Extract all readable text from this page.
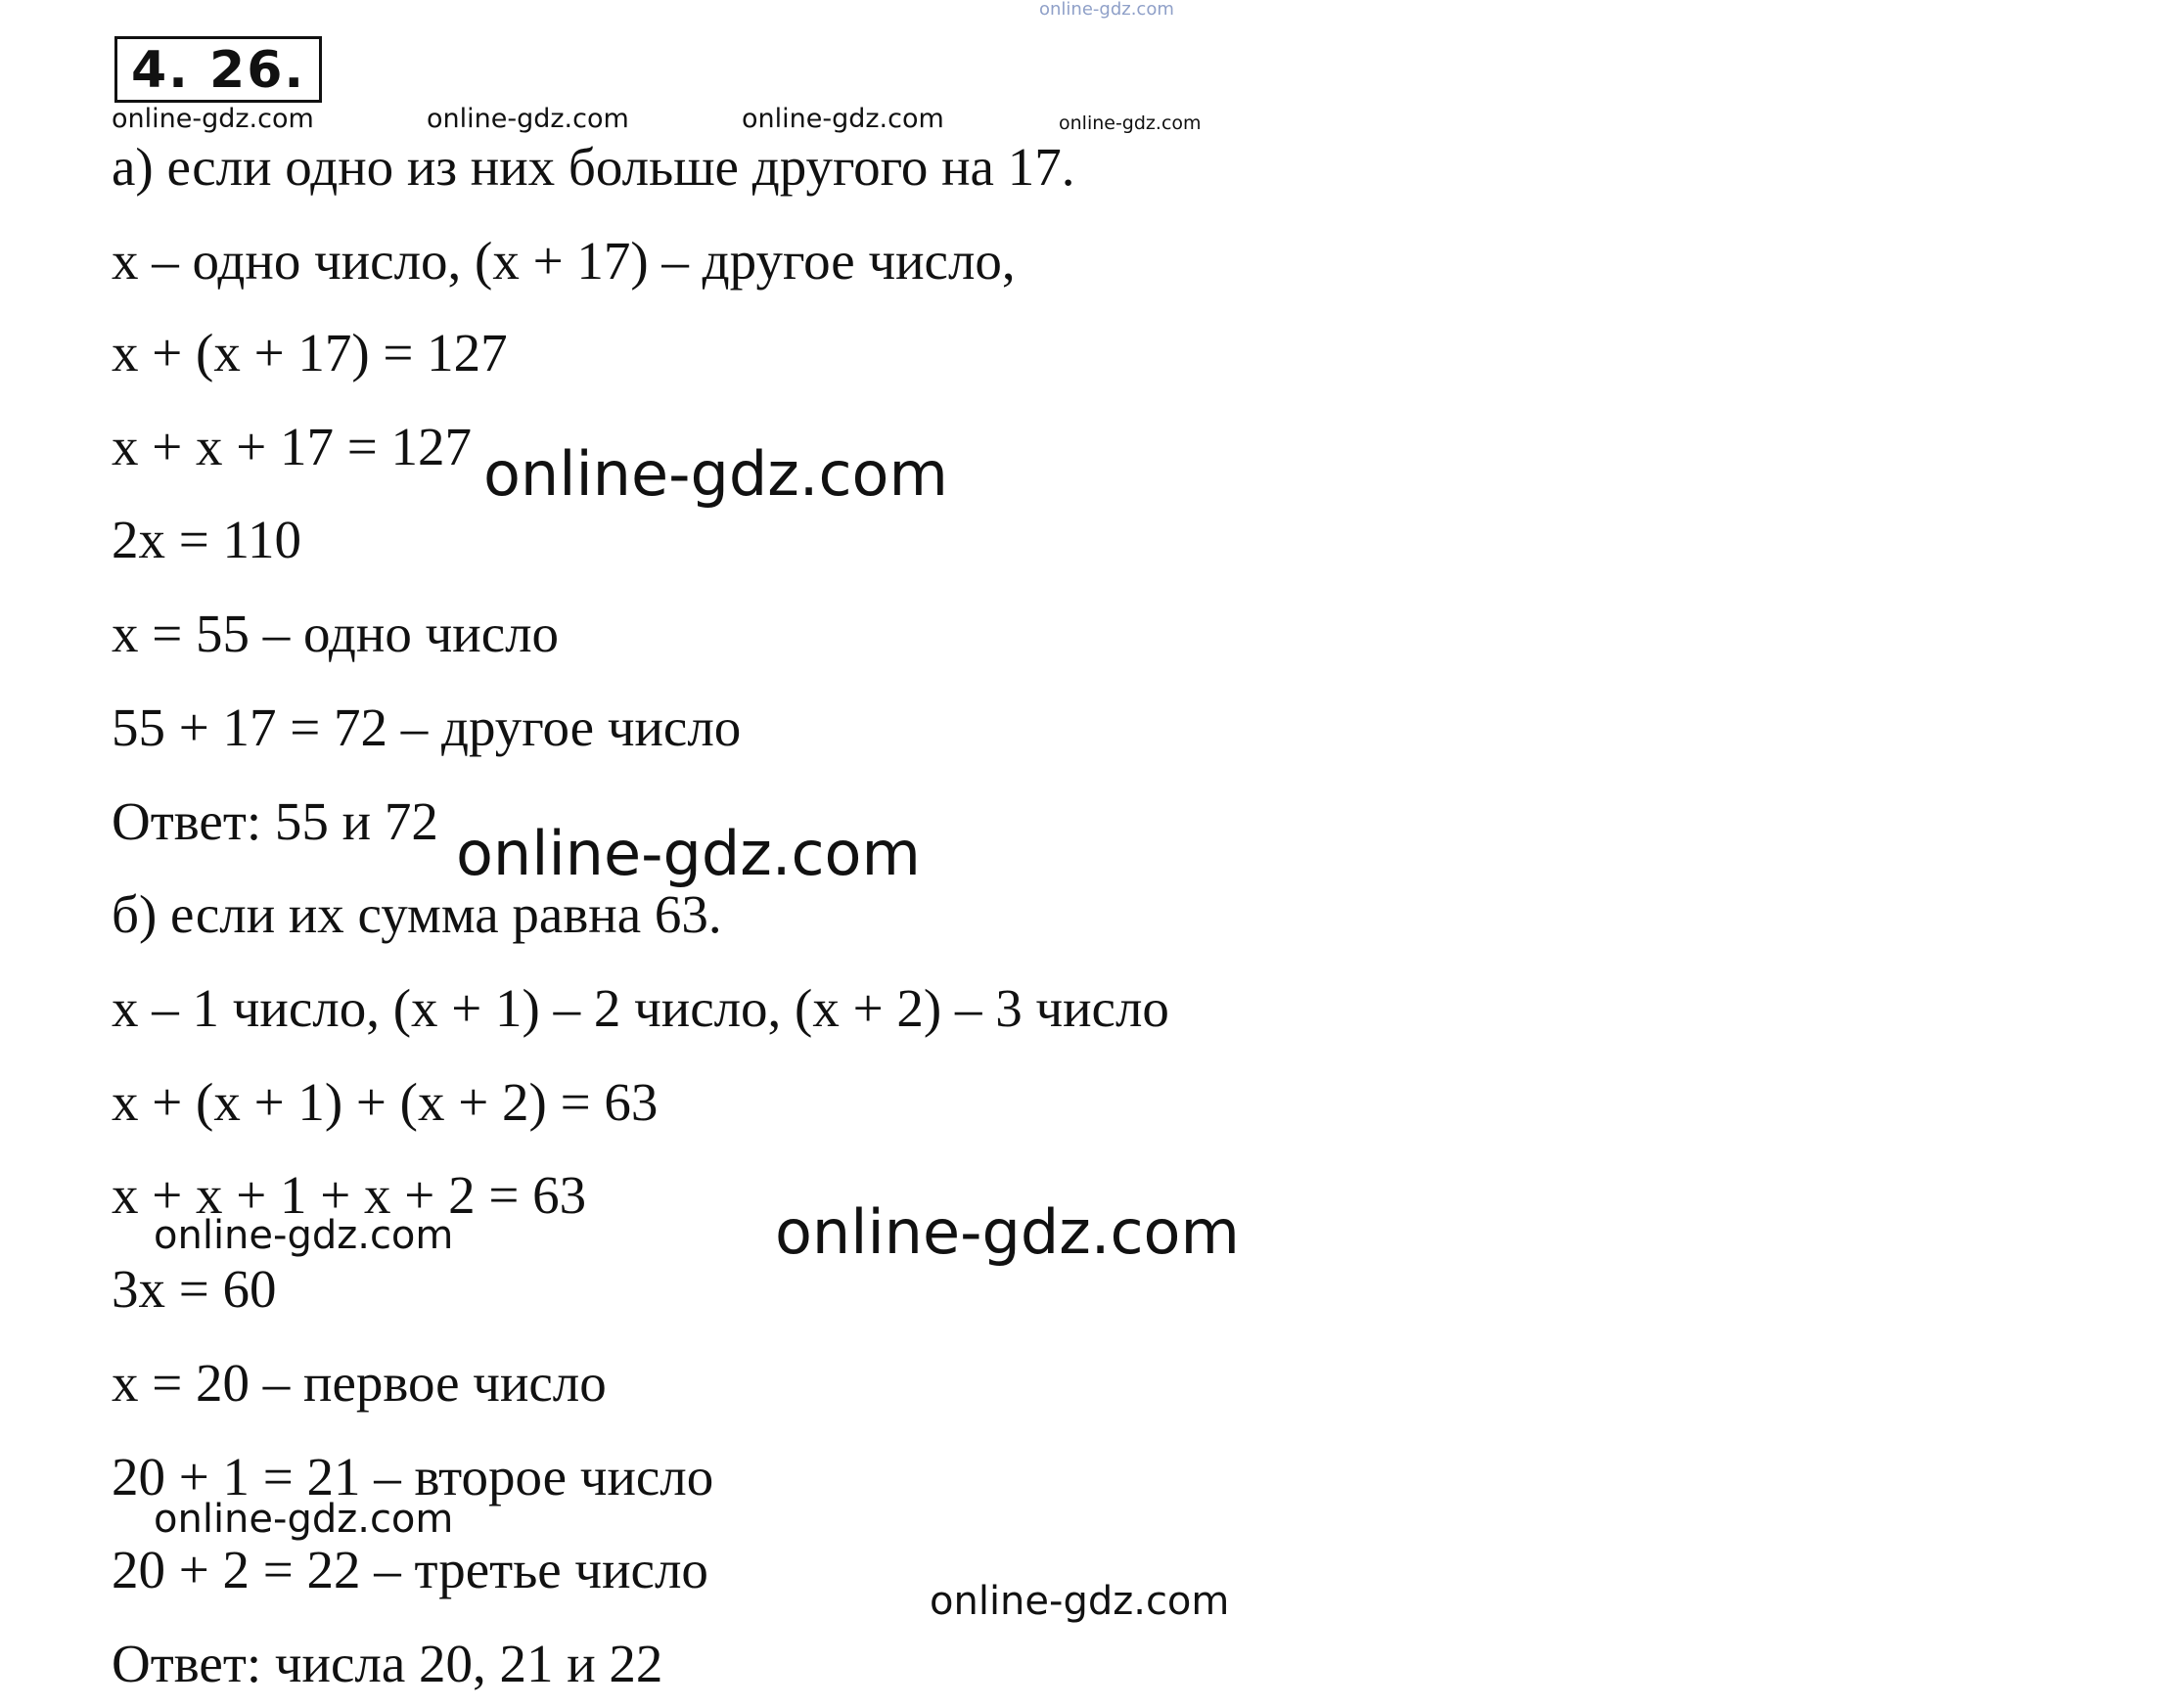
online-gdz.com
4. 26.
online-gdz.com	online-gdz.com	online-gdz.com	online-gdz.com
а) если одно из них больше другого на 17.
x – одно число, (x + 17) – другое число,
x + (x + 17) = 127
x + x + 17 = 127
2x = 110
x = 55 – одно число
55 + 17 = 72 – другое число
Ответ: 55 и 72
б) если их сумма равна 63.
x – 1 число, (x + 1) – 2 число, (x + 2) – 3 число
x + (x + 1) + (x + 2) = 63
x + x + 1 + x + 2 = 63
3x = 60
x = 20 – первое число
20 + 1 = 21 – второе число
20 + 2 = 22 – третье число
Ответ: числа 20, 21 и 22
online-gdz.com
online-gdz.com
online-gdz.com	online-gdz.com
online-gdz.com
online-gdz.com
